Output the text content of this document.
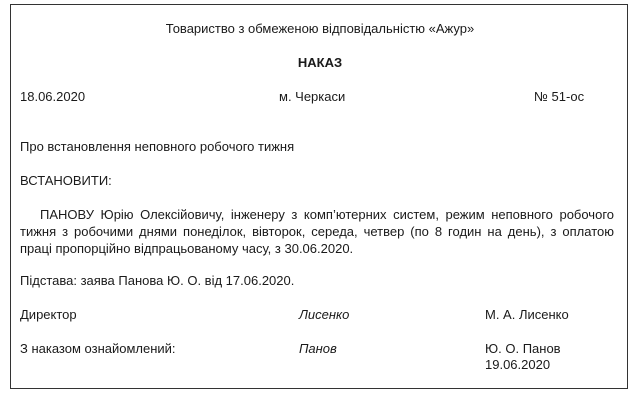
Товариство з обмеженою відповідальністю «Ажур»
НАКАЗ
18.06.2020	м. Черкаси	№ 51-ос
Про встановлення неповного робочого тижня
ВСТАНОВИТИ:

ПАНОВУ Юрію Олексійовичу, інженеру з комп’ютерних систем, режим неповного робочого тижня з робочими днями понеділок, вівторок, середа, четвер (по 8 годин на день), з оплатою праці пропорційно відпрацьованому часу, з 30.06.2020.

Підстава: заява Панова Ю. О. від 17.06.2020.
Директор	Лисенко	М. А. Лисенко
З наказом ознайомлений:	Панов	Ю. О. Панов
19.06.2020
